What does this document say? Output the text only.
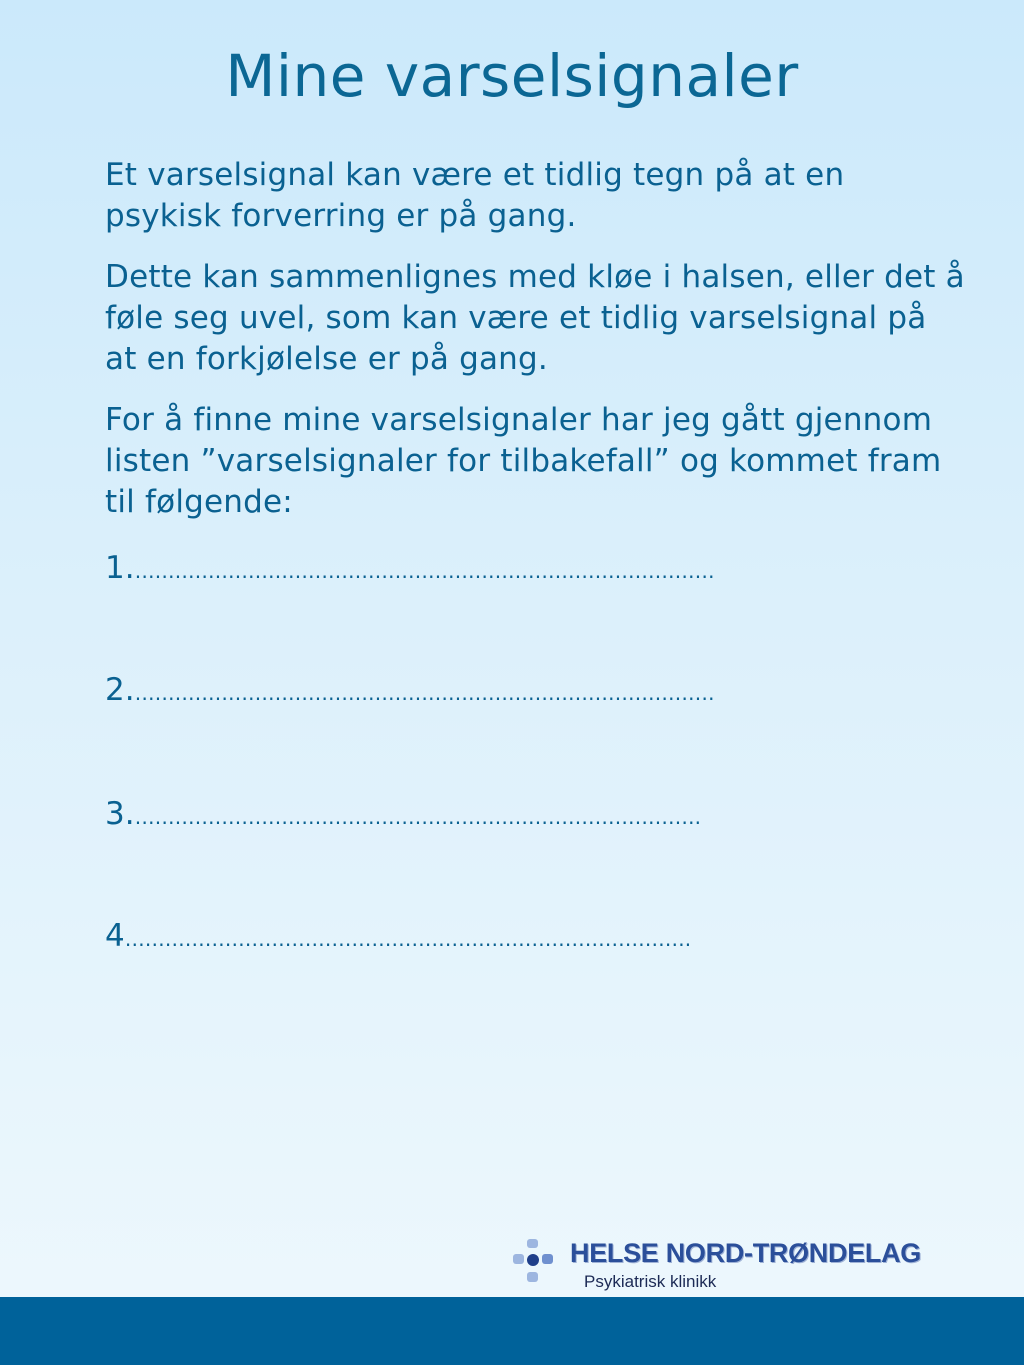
Mine varselsignaler

Et varselsignal kan være et tidlig tegn på at en psykisk forverring er på gang.

Dette kan sammenlignes med kløe i halsen, eller det å føle seg uvel, som kan være et tidlig varselsignal på at en forkjølelse er på gang.

For å finne mine varselsignaler har jeg gått gjennom listen ”varselsignaler for tilbakefall” og kommet fram til følgende:

1.……………………………………………………………………………
2.……………………………………………………………………………
3.………………………………………………………………………….
4………………………………………………………………………….
HELSE NORD-TRØNDELAG
Psykiatrisk klinikk
